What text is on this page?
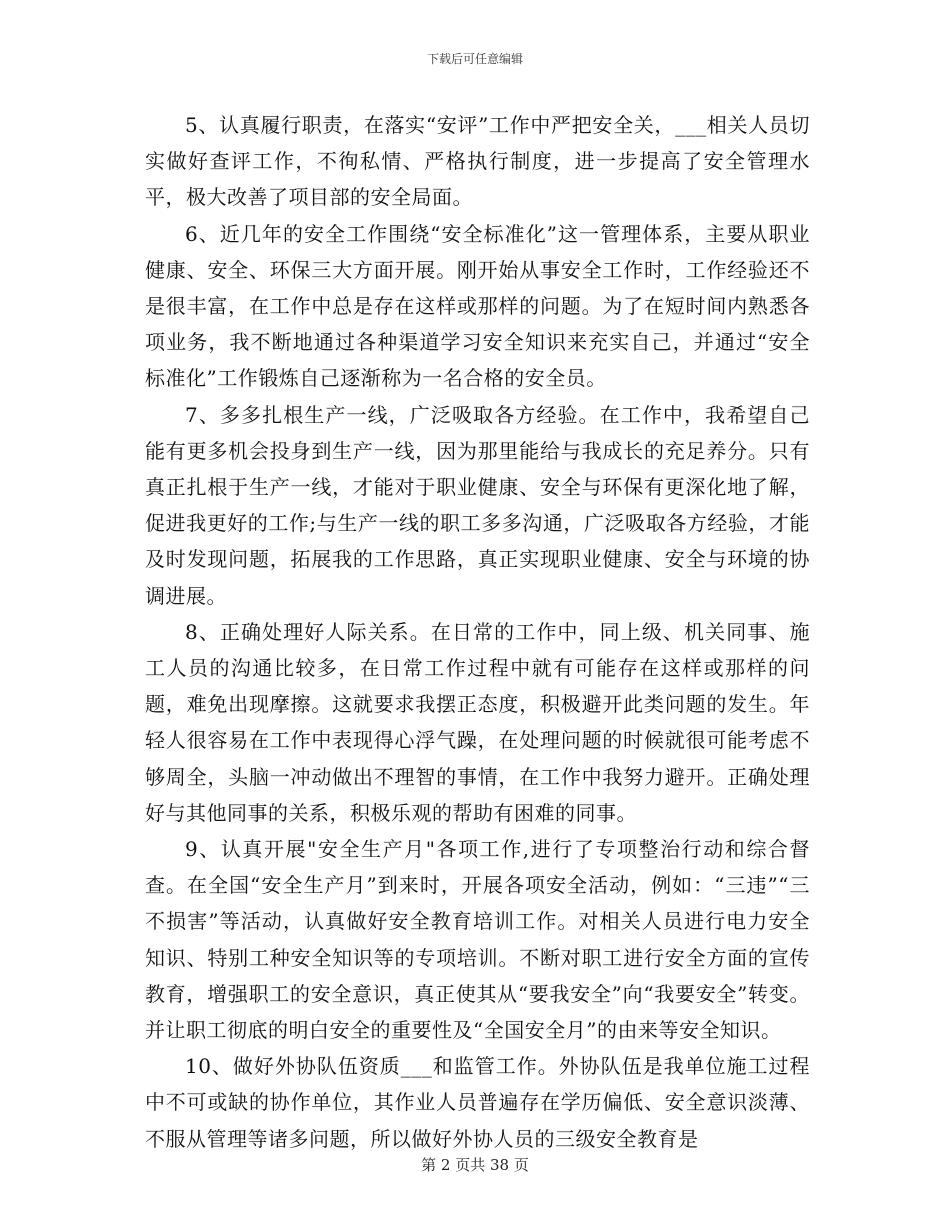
下载后可任意编辑

5、认真履行职责，在落实“安评”工作中严把安全关，___相关人员切实做好查评工作，不徇私情、严格执行制度，进一步提高了安全管理水平，极大改善了项目部的安全局面。

6、近几年的安全工作围绕“安全标准化”这一管理体系，主要从职业健康、安全、环保三大方面开展。刚开始从事安全工作时，工作经验还不是很丰富，在工作中总是存在这样或那样的问题。为了在短时间内熟悉各项业务，我不断地通过各种渠道学习安全知识来充实自己，并通过“安全标准化”工作锻炼自己逐渐称为一名合格的安全员。

7、多多扎根生产一线，广泛吸取各方经验。在工作中，我希望自己能有更多机会投身到生产一线，因为那里能给与我成长的充足养分。只有真正扎根于生产一线，才能对于职业健康、安全与环保有更深化地了解，促进我更好的工作;与生产一线的职工多多沟通，广泛吸取各方经验，才能及时发现问题，拓展我的工作思路，真正实现职业健康、安全与环境的协调进展。

8、正确处理好人际关系。在日常的工作中，同上级、机关同事、施工人员的沟通比较多，在日常工作过程中就有可能存在这样或那样的问题，难免出现摩擦。这就要求我摆正态度，积极避开此类问题的发生。年轻人很容易在工作中表现得心浮气躁，在处理问题的时候就很可能考虑不够周全，头脑一冲动做出不理智的事情，在工作中我努力避开。正确处理好与其他同事的关系，积极乐观的帮助有困难的同事。

9、认真开展"安全生产月"各项工作,进行了专项整治行动和综合督查。在全国“安全生产月”到来时，开展各项安全活动，例如：“三违”“三不损害”等活动，认真做好安全教育培训工作。对相关人员进行电力安全知识、特别工种安全知识等的专项培训。不断对职工进行安全方面的宣传教育，增强职工的安全意识，真正使其从“要我安全”向“我要安全”转变。并让职工彻底的明白安全的重要性及“全国安全月”的由来等安全知识。

10、做好外协队伍资质___和监管工作。外协队伍是我单位施工过程中不可或缺的协作单位，其作业人员普遍存在学历偏低、安全意识淡薄、不服从管理等诸多问题，所以做好外协人员的三级安全教育是

第 2 页共 38 页
